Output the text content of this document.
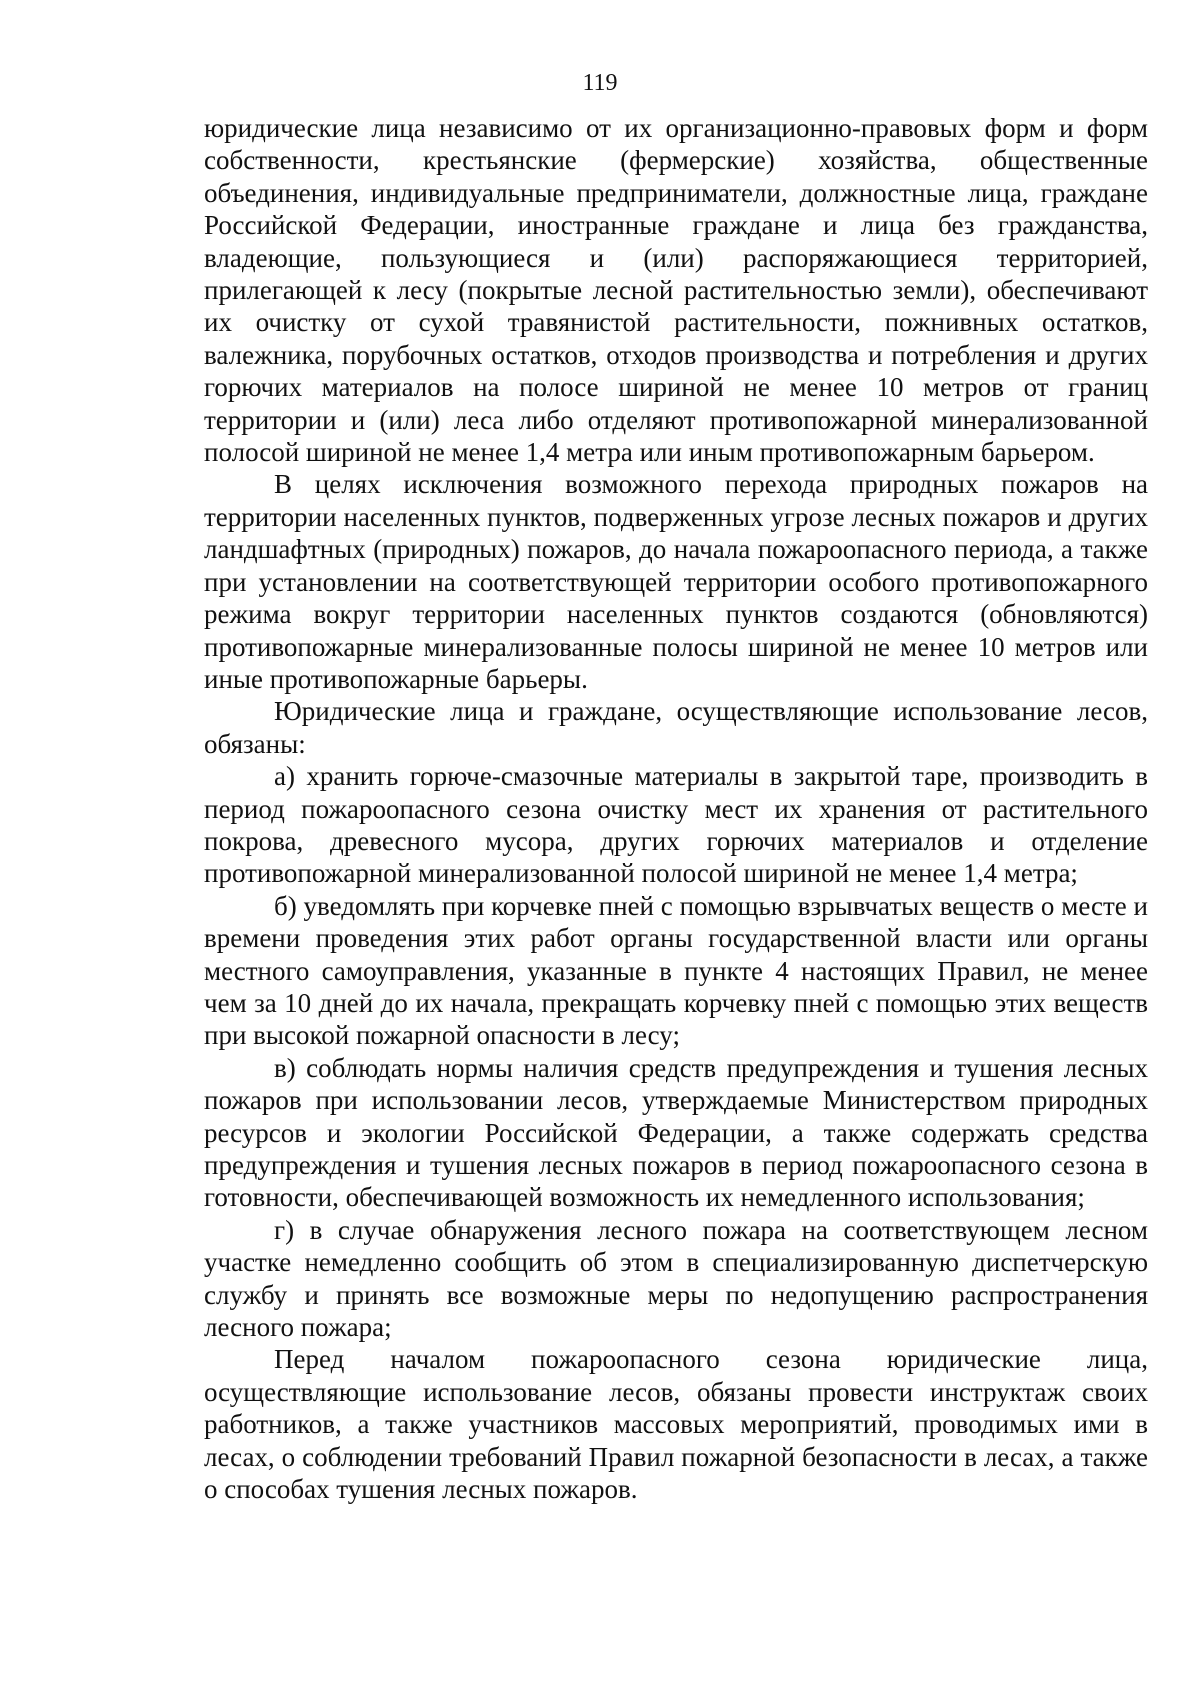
119

юридические лица независимо от их организационно-правовых форм и форм собственности, крестьянские (фермерские) хозяйства, общественные объединения, индивидуальные предприниматели, должностные лица, граждане Российской Федерации, иностранные граждане и лица без гражданства, владеющие, пользующиеся и (или) распоряжающиеся территорией, прилегающей к лесу (покрытые лесной растительностью земли), обеспечивают их очистку от сухой травянистой растительности, пожнивных остатков, валежника, порубочных остатков, отходов производства и потребления и других горючих материалов на полосе шириной не менее 10 метров от границ территории и (или) леса либо отделяют противопожарной минерализованной полосой шириной не менее 1,4 метра или иным противопожарным барьером.

В целях исключения возможного перехода природных пожаров на территории населенных пунктов, подверженных угрозе лесных пожаров и других ландшафтных (природных) пожаров, до начала пожароопасного периода, а также при установлении на соответствующей территории особого противопожарного режима вокруг территории населенных пунктов создаются (обновляются) противопожарные минерализованные полосы шириной не менее 10 метров или иные противопожарные барьеры.

Юридические лица и граждане, осуществляющие использование лесов, обязаны:

а) хранить горюче-смазочные материалы в закрытой таре, производить в период пожароопасного сезона очистку мест их хранения от растительного покрова, древесного мусора, других горючих материалов и отделение противопожарной минерализованной полосой шириной не менее 1,4 метра;

б) уведомлять при корчевке пней с помощью взрывчатых веществ о месте и времени проведения этих работ органы государственной власти или органы местного самоуправления, указанные в пункте 4 настоящих Правил, не менее чем за 10 дней до их начала, прекращать корчевку пней с помощью этих веществ при высокой пожарной опасности в лесу;

в) соблюдать нормы наличия средств предупреждения и тушения лесных пожаров при использовании лесов, утверждаемые Министерством природных ресурсов и экологии Российской Федерации, а также содержать средства предупреждения и тушения лесных пожаров в период пожароопасного сезона в готовности, обеспечивающей возможность их немедленного использования;

г) в случае обнаружения лесного пожара на соответствующем лесном участке немедленно сообщить об этом в специализированную диспетчерскую службу и принять все возможные меры по недопущению распространения лесного пожара;

Перед началом пожароопасного сезона юридические лица, осуществляющие использование лесов, обязаны провести инструктаж своих работников, а также участников массовых мероприятий, проводимых ими в лесах, о соблюдении требований Правил пожарной безопасности в лесах, а также о способах тушения лесных пожаров.
